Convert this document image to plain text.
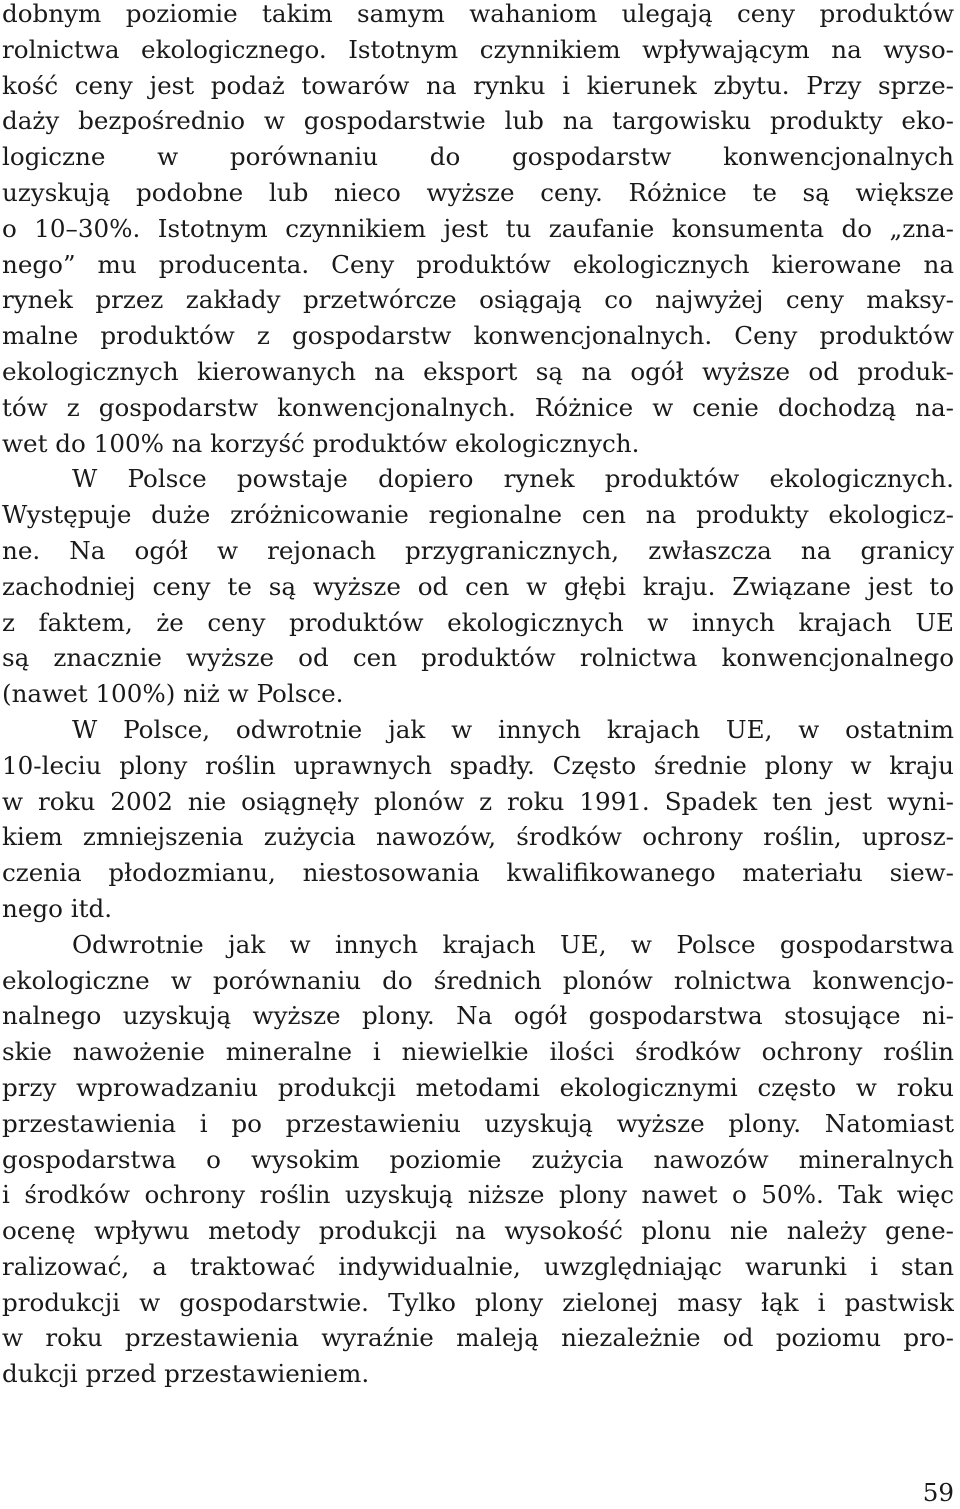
dobnym poziomie takim samym wahaniom ulegają ceny produktów
rolnictwa ekologicznego. Istotnym czynnikiem wpływającym na wyso-
kość ceny jest podaż towarów na rynku i kierunek zbytu. Przy sprze-
daży bezpośrednio w gospodarstwie lub na targowisku produkty eko-
logiczne w porównaniu do gospodarstw konwencjonalnych
uzyskują podobne lub nieco wyższe ceny. Różnice te są większe
o 10–30%. Istotnym czynnikiem jest tu zaufanie konsumenta do „zna-
nego” mu producenta. Ceny produktów ekologicznych kierowane na
rynek przez zakłady przetwórcze osiągają co najwyżej ceny maksy-
malne produktów z gospodarstw konwencjonalnych. Ceny produktów
ekologicznych kierowanych na eksport są na ogół wyższe od produk-
tów z gospodarstw konwencjonalnych. Różnice w cenie dochodzą na-
wet do 100% na korzyść produktów ekologicznych.
W Polsce powstaje dopiero rynek produktów ekologicznych.
Występuje duże zróżnicowanie regionalne cen na produkty ekologicz-
ne. Na ogół w rejonach przygranicznych, zwłaszcza na granicy
zachodniej ceny te są wyższe od cen w głębi kraju. Związane jest to
z faktem, że ceny produktów ekologicznych w innych krajach UE
są znacznie wyższe od cen produktów rolnictwa konwencjonalnego
(nawet 100%) niż w Polsce.
W Polsce, odwrotnie jak w innych krajach UE, w ostatnim
10-leciu plony roślin uprawnych spadły. Często średnie plony w kraju
w roku 2002 nie osiągnęły plonów z roku 1991. Spadek ten jest wyni-
kiem zmniejszenia zużycia nawozów, środków ochrony roślin, uprosz-
czenia płodozmianu, niestosowania kwalifikowanego materiału siew-
nego itd.
Odwrotnie jak w innych krajach UE, w Polsce gospodarstwa
ekologiczne w porównaniu do średnich plonów rolnictwa konwencjo-
nalnego uzyskują wyższe plony. Na ogół gospodarstwa stosujące ni-
skie nawożenie mineralne i niewielkie ilości środków ochrony roślin
przy wprowadzaniu produkcji metodami ekologicznymi często w roku
przestawienia i po przestawieniu uzyskują wyższe plony. Natomiast
gospodarstwa o wysokim poziomie zużycia nawozów mineralnych
i środków ochrony roślin uzyskują niższe plony nawet o 50%. Tak więc
ocenę wpływu metody produkcji na wysokość plonu nie należy gene-
ralizować, a traktować indywidualnie, uwzględniając warunki i stan
produkcji w gospodarstwie. Tylko plony zielonej masy łąk i pastwisk
w roku przestawienia wyraźnie maleją niezależnie od poziomu pro-
dukcji przed przestawieniem.
59
